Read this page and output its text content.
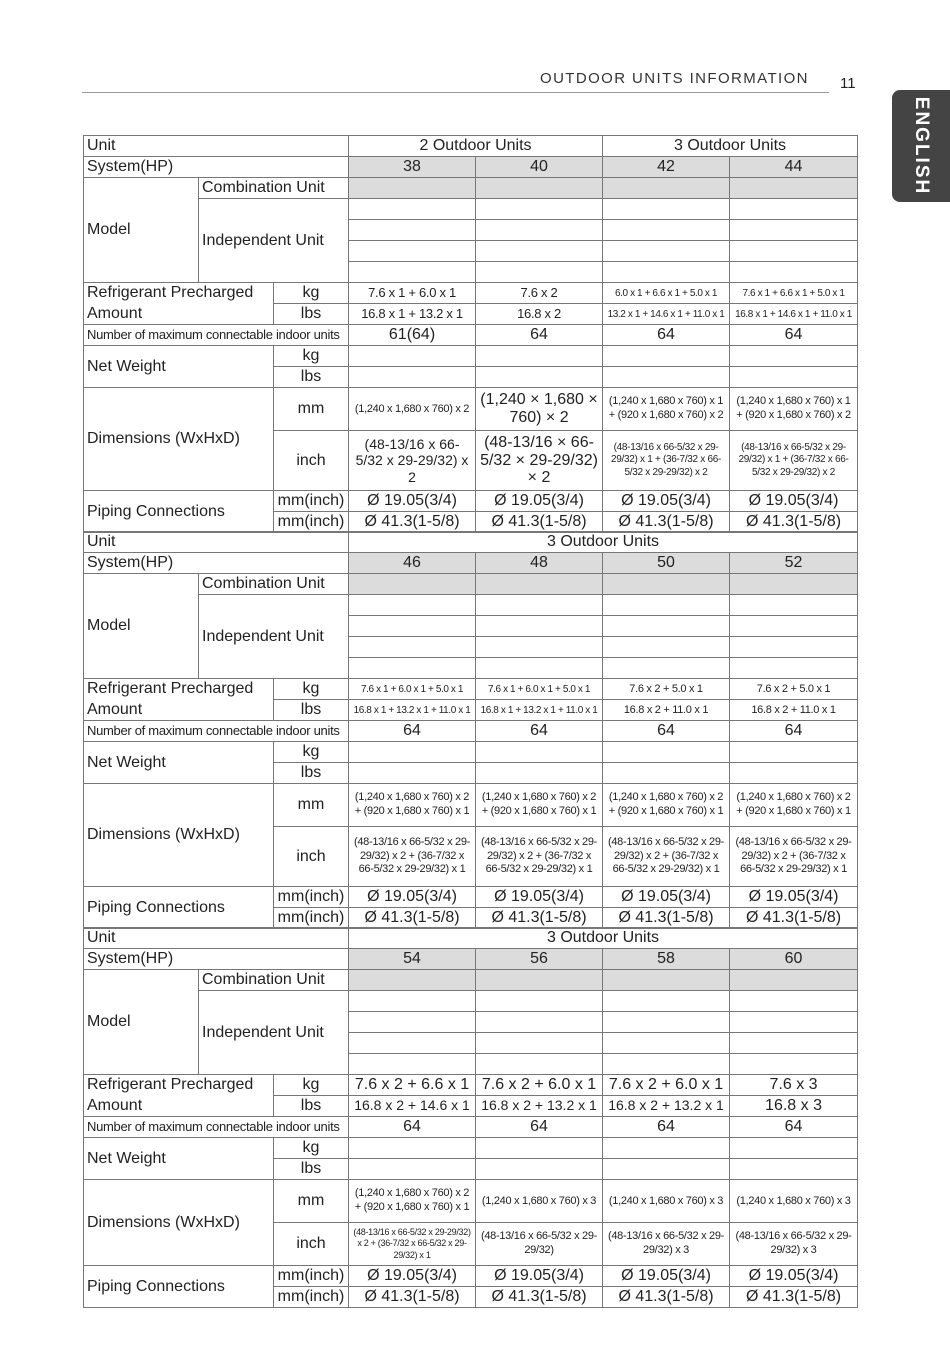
OUTDOOR UNITS INFORMATION 11
ENGLISH
Unit			2 Outdoor Units		3 Outdoor Units	
System(HP)			38	40	42	44
Model	Combination Unit					
	Independent Unit					

Refrigerant Precharged		kg	7.6 x 1 + 6.0 x 1	7.6 x 2	6.0 x 1 + 6.6 x 1 + 5.0 x 1	7.6 x 1 + 6.6 x 1 + 5.0 x 1
Amount		lbs	16.8 x 1 + 13.2 x 1	16.8 x 2	13.2 x 1 + 14.6 x 1 + 11.0 x 1	16.8 x 1 + 14.6 x 1 + 11.0 x 1
Number of maximum connectable indoor units			61(64)	64	64	64
Net Weight		kg				
		lbs				
Dimensions (WxHxD)		mm	(1,240 x 1,680 x 760) x 2	(1,240 × 1,680 × 760) × 2	(1,240 x 1,680 x 760) x 1 + (920 x 1,680 x 760) x 2	(1,240 x 1,680 x 760) x 1 + (920 x 1,680 x 760) x 2
		inch	(48-13/16 x 66-5/32 x 29-29/32) x 2	(48-13/16 × 66-5/32 × 29-29/32) × 2	(48-13/16 x 66-5/32 x 29-29/32) x 1 + (36-7/32 x 66-5/32 x 29-29/32) x 2	(48-13/16 x 66-5/32 x 29-29/32) x 1 + (36-7/32 x 66-5/32 x 29-29/32) x 2
Piping Connections		mm(inch)	Ø 19.05(3/4)	Ø 19.05(3/4)	Ø 19.05(3/4)	Ø 19.05(3/4)
		mm(inch)	Ø 41.3(1-5/8)	Ø 41.3(1-5/8)	Ø 41.3(1-5/8)	Ø 41.3(1-5/8)
Unit			3 Outdoor Units			
System(HP)			46	48	50	52
Model	Combination Unit					
	Independent Unit					

Refrigerant Precharged		kg	7.6 x 1 + 6.0 x 1 + 5.0 x 1	7.6 x 1 + 6.0 x 1 + 5.0 x 1	7.6 x 2 + 5.0 x 1	7.6 x 2 + 5.0 x 1
Amount		lbs	16.8 x 1 + 13.2 x 1 + 11.0 x 1	16.8 x 1 + 13.2 x 1 + 11.0 x 1	16.8 x 2 + 11.0 x 1	16.8 x 2 + 11.0 x 1
Number of maximum connectable indoor units			64	64	64	64
Net Weight		kg				
		lbs				
Dimensions (WxHxD)		mm	(1,240 x 1,680 x 760) x 2 + (920 x 1,680 x 760) x 1	(1,240 x 1,680 x 760) x 2 + (920 x 1,680 x 760) x 1	(1,240 x 1,680 x 760) x 2 + (920 x 1,680 x 760) x 1	(1,240 x 1,680 x 760) x 2 + (920 x 1,680 x 760) x 1
		inch	(48-13/16 x 66-5/32 x 29-29/32) x 2 + (36-7/32 x 66-5/32 x 29-29/32) x 1	(48-13/16 x 66-5/32 x 29-29/32) x 2 + (36-7/32 x 66-5/32 x 29-29/32) x 1	(48-13/16 x 66-5/32 x 29-29/32) x 2 + (36-7/32 x 66-5/32 x 29-29/32) x 1	(48-13/16 x 66-5/32 x 29-29/32) x 2 + (36-7/32 x 66-5/32 x 29-29/32) x 1
Piping Connections		mm(inch)	Ø 19.05(3/4)	Ø 19.05(3/4)	Ø 19.05(3/4)	Ø 19.05(3/4)
		mm(inch)	Ø 41.3(1-5/8)	Ø 41.3(1-5/8)	Ø 41.3(1-5/8)	Ø 41.3(1-5/8)
Unit			3 Outdoor Units			
System(HP)			54	56	58	60
Model	Combination Unit					
	Independent Unit					

Refrigerant Precharged		kg	7.6 x 2 + 6.6 x 1	7.6 x 2 + 6.0 x 1	7.6 x 2 + 6.0 x 1	7.6 x 3
Amount		lbs	16.8 x 2 + 14.6 x 1	16.8 x 2 + 13.2 x 1	16.8 x 2 + 13.2 x 1	16.8 x 3
Number of maximum connectable indoor units			64	64	64	64
Net Weight		kg				
		lbs				
Dimensions (WxHxD)		mm	(1,240 x 1,680 x 760) x 2 + (920 x 1,680 x 760) x 1	(1,240 x 1,680 x 760) x 3	(1,240 x 1,680 x 760) x 3	(1,240 x 1,680 x 760) x 3
		inch	(48-13/16 x 66-5/32 x 29-29/32) x 2 + (36-7/32 x 66-5/32 x 29-29/32) x 1	(48-13/16 x 66-5/32 x 29-29/32)	(48-13/16 x 66-5/32 x 29-29/32) x 3	(48-13/16 x 66-5/32 x 29-29/32) x 3
Piping Connections		mm(inch)	Ø 19.05(3/4)	Ø 19.05(3/4)	Ø 19.05(3/4)	Ø 19.05(3/4)
		mm(inch)	Ø 41.3(1-5/8)	Ø 41.3(1-5/8)	Ø 41.3(1-5/8)	Ø 41.3(1-5/8)
